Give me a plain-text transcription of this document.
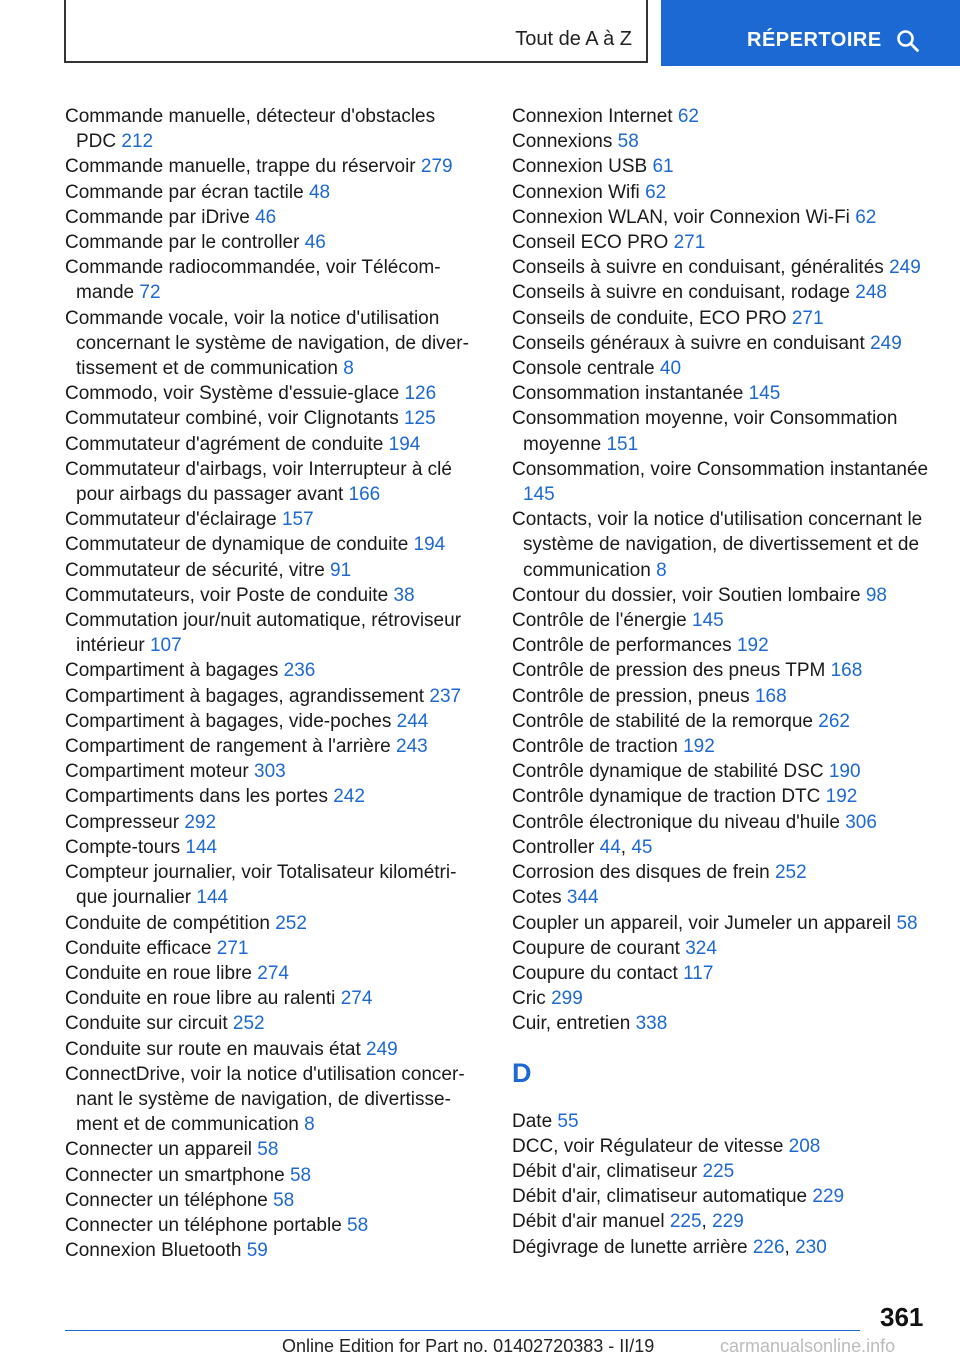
Tout de A à Z	RÉPERTOIRE
Commande manuelle, détecteur d'obstacles PDC 212
Commande manuelle, trappe du réservoir 279
Commande par écran tactile 48
Commande par iDrive 46
Commande par le controller 46
Commande radiocommandée, voir Télécommande 72
Commande vocale, voir la notice d'utilisation concernant le système de navigation, de divertissement et de communication 8
Commodo, voir Système d'essuie-glace 126
Commutateur combiné, voir Clignotants 125
Commutateur d'agrément de conduite 194
Commutateur d'airbags, voir Interrupteur à clé pour airbags du passager avant 166
Commutateur d'éclairage 157
Commutateur de dynamique de conduite 194
Commutateur de sécurité, vitre 91
Commutateurs, voir Poste de conduite 38
Commutation jour/nuit automatique, rétroviseur intérieur 107
Compartiment à bagages 236
Compartiment à bagages, agrandissement 237
Compartiment à bagages, vide-poches 244
Compartiment de rangement à l'arrière 243
Compartiment moteur 303
Compartiments dans les portes 242
Compresseur 292
Compte-tours 144
Compteur journalier, voir Totalisateur kilométrique journalier 144
Conduite de compétition 252
Conduite efficace 271
Conduite en roue libre 274
Conduite en roue libre au ralenti 274
Conduite sur circuit 252
Conduite sur route en mauvais état 249
ConnectDrive, voir la notice d'utilisation concernant le système de navigation, de divertissement et de communication 8
Connecter un appareil 58
Connecter un smartphone 58
Connecter un téléphone 58
Connecter un téléphone portable 58
Connexion Bluetooth 59
Connexion Internet 62
Connexions 58
Connexion USB 61
Connexion Wifi 62
Connexion WLAN, voir Connexion Wi-Fi 62
Conseil ECO PRO 271
Conseils à suivre en conduisant, généralités 249
Conseils à suivre en conduisant, rodage 248
Conseils de conduite, ECO PRO 271
Conseils généraux à suivre en conduisant 249
Console centrale 40
Consommation instantanée 145
Consommation moyenne, voir Consommation moyenne 151
Consommation, voire Consommation instantanée 145
Contacts, voir la notice d'utilisation concernant le système de navigation, de divertissement et de communication 8
Contour du dossier, voir Soutien lombaire 98
Contrôle de l'énergie 145
Contrôle de performances 192
Contrôle de pression des pneus TPM 168
Contrôle de pression, pneus 168
Contrôle de stabilité de la remorque 262
Contrôle de traction 192
Contrôle dynamique de stabilité DSC 190
Contrôle dynamique de traction DTC 192
Contrôle électronique du niveau d'huile 306
Controller 44, 45
Corrosion des disques de frein 252
Cotes 344
Coupler un appareil, voir Jumeler un appareil 58
Coupure de courant 324
Coupure du contact 117
Cric 299
Cuir, entretien 338
D
Date 55
DCC, voir Régulateur de vitesse 208
Débit d'air, climatiseur 225
Débit d'air, climatiseur automatique 229
Débit d'air manuel 225, 229
Dégivrage de lunette arrière 226, 230
361
Online Edition for Part no. 01402720383 - II/19	carmanualsonline.info
